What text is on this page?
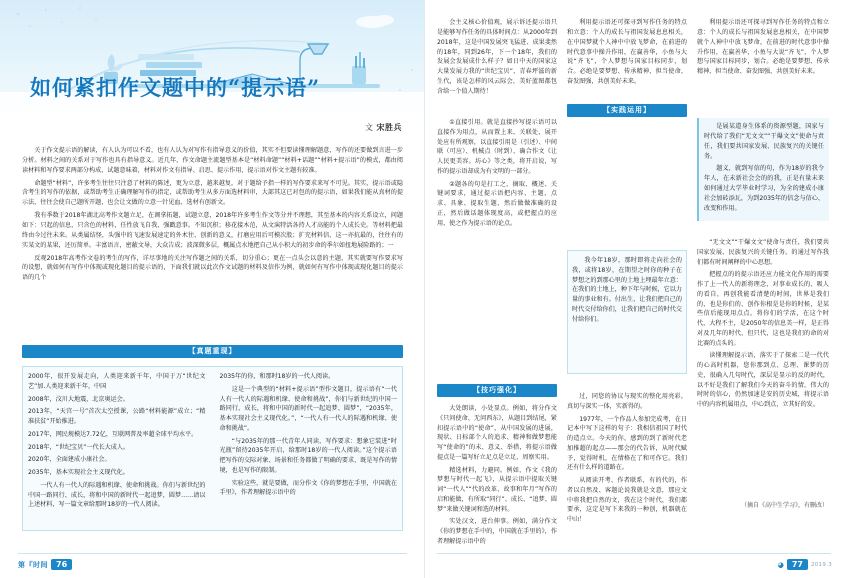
如何紧扣作文题中的“提示语”
文 宋胜兵

关于作文提示语的解读，有人认为可以不看，也有人认为对写作有指导意义的价值，其实不但要读懂理解题意，写作的还要做到言进一步分析。材料之间的关系对于写作也具有指导意义。近几年，作文命题主流题型基本是“材料命题”“材料+话题”“材料+提示语”的模式，都由阅读材料和写作要求两部分构成，试题意味着，材料对作文有指导、启思、提示作用，提示语对作文主题有较准。

命题型“材料”，许多考生往往只注意了材料的陈述，更为立意，越来越复，对于题给予指一样的写作要求来写不可见。其实，提示语或隐含考生的写作的依据，或帮助考生正确理解写作的指定，或帮助考生从多方面选材料审，大部其这已对包的的提示语，如果我们能从真材的提示法，往往会使自己题所开题，也会让文做的立意一针见血、选材有创新文。

我有季数于2018年湖北高考作文题立足，在调拿拓题，试题立意，2018年许多考生作文等分并不理想，其至基本的内容关系设立，问题如下：只起的信息，只含色的材料，任性放飞自我，强戳意事。不知沉积；移花接木范，从文演特活各持人才高能的个人成长史。等材料把最终由今过往未来。从类属结怪，头强中的飞速发展速定的外术往、创新的意义，打磨应用后可模次股；扩充材料信、这一亦抗最的，往往有的实某文的某果，还厉简单。丰富语言，密蔽文导，大众告成；波深微多层，概属点水地把自己从小积大的初步命的季尔如扭地展险路的；一

反观2018年高考作文卷的考生的写作，详尽事地的关注写作题之间的关系，切分重心；更在一点头会以意的主题，其实就要写作要求写的设想，就如何有写作中体现或现化题目的提示语的，下面我们就以此次作文试题的材料及信作为例，就如何有写作中体现或现化题目的提示语的几个

【真题重现】

2000年，很开发展走向，人类迎来新千年，中国于万“世纪文艺”加.人类迎来新千年，中国

2008年，汶川大地震，北京奥运会。

2013年，“天宫一号”首次太空授课，公路“材料能源”成立；“精准扶贫”开始推进。

2017年，网民规模达7.72亿，互联网普及率超全球平均水平。

2018年，“世纪宝贝”一代长大成人。

2020年，全面建成小康社会。

2035年，基本实现社会主义现代化。

一代人有一代人的际遇和机缘、使命和挑战。你们与新世纪的中国一路同行、成长，将和中国的新时代一起追梦，圆梦……请以上述材料，写一篇文章给那时18岁的一代人阅读。

2035年的你，和那时18岁的一代人阅读。

这是一个典型的“材料+提示语”型作文题目，提示语有“一代人有一代人的际遇和机缘、使命和挑战”，你们与新世纪的中国一路同行、成长，将和中国的新时代一起追梦、圆梦”，“2035年，基本实现社会主义现代化。”，“一代人有一代人的际遇和机缘、使命和挑战”。

“与2035年的那一代青年人同读，写作要求：想象它装进“时光瓶”留待2035年开启，给那时18岁的一代人阅读。”这个提示语把写作的交际对象、场景和任务都做了明确的要求，既是写作的情境，也是写作的限制。

实验这些，就是要做，而分作文《你的梦想在手里，中国就在手里》，作者理解提示语中的

第『时间	76

会主义核心价值观，展示诉还提示语只是能够写作任务的具体时间点：从2000年到2018年，这是中国发展突飞猛进、成果斐然的18年，同到26年，下一个18年，我们的发展会发展成什么样子？如日中天的国家这大量发展力我的“世纪宝贝”，青春坪滋的新生代，该是怎样的风云际会，美好蓝图都包含给一个值人期待！

利用提示语还可探寻到写作任务的特点和立意：个人的成长与祖国发展息息相关，在中国梦就个人神中中放飞梦命，在前进的时代意事中操升作用，在赢善华，小鱼与大说“齐飞”，个人梦想与国家目标同步，划合。必绝是要梦想、传承精神、担当使命、奋发图强，共创美好未来。

利用提示语还可探寻到写作任务的特点和立意：个人的成长与祖国发展息息相关，在中国梦就个人神中中放飞梦命，在前进的时代意事中操升作用，在赢善华，小鱼与大说“齐飞”，个人梦想与国家目标同步，划合。必绝是要梦想、传承精神、担当使命、奋发图强，共创美好未来。

【实践运用】

是展某道身生体系的资源型题，国家与时代给了我们“无文文”“干爆文文”使命与责任，我们要共国家发展、民族复兴的关键任务。

题义，就到写信的句，作为18岁的我令年人，在未新社会会的的我，正是有量未来如何通过大学毕业时学习，为全的建成小康社会加砖添瓦，为到2035年的信念与信心、改变和作用。

①直接引用。就是直接抄写提示语可以直接作为用点，从而置上来、关联处、展开处应有所观察，以直接引用是（引述）、中间联（可应）、机械点（时到）、确合作文《让人民更美容。坊心》等之类，将开启说，写作的提示语却成为有文明的一部分。

②题各的句是打工之，摘取、概述、关键词要求，通过提示语把内容、主题、点求、具象、提取生题、然后做做准确的设正，然后做话题体现度高，或把握点的应用、使之作为提示语的论点。

我今年18岁，那时即将走向社会的我，或将18岁，在期望之时你的种子在梦想之的到那心里的土地上埋最年立意：在我们的土地上，种下年与时候，它以力量的事业和有。付出生，让我们把自己的时代交付给你们，让我们把自己的时代交付给你们。

“无文文”“干爆文文”使命与责任，我们要共国家发展、民族复兴的关键任务。的通过写作我们都有时间阐释的中心思想。

把握点的的提示语还应力能文化作用的需要作了上一代人的新将理念，对事业成长的、吸人的看自，再创我能看清楚的时间，世界是我们的，也是你们的，创作你根是是你的时候，是某些信后能现用点点，将你们的学活，在这个时代，大程不主，是2050年的信息美一样，是正得对及几年的时代，但只代，这也是我们的命的对比赛的点头的。

读懂理解提示语，落实于了探索二是一代代的心高时机器，您你那到点、总理、课梦的历史，很确入几句时代，深层是显示的反的时代，以不好是我们了解我们今天的奋斗的情，伟大的时时的信心，仍然加速是安的历史城，将提示语中的内容机属用点，中心到点，立其好的发。

【技巧强化】

大处朗读，小处显点。例如，将分作文《只问使命、无问西东》，从题目到结尾，紧扣提示语中的“使命”，从中国发展的进展，现状、日标部个人的追求、精神和做梦想能写“使命的”的未、意义、举措，将提示语做提点是一篇写好立足点是立足、周察实用。

精选材料，力避同。例如，作文《我的梦想与时代一起飞》，从提示语中提取关键词“一代人”“代的改革、故事和年月”写作的启和能做，有所取“同行”、成长、“追梦、圆梦”来做关键词和选的材料。

实处汉文，进台伸事。例如，满分作文《你的梦想在手中的，中国就在手里的》，作者理解提示语中的

过，同您的协议与现实的整化用亮彩，真切与深实一体，实新得的。

1977年，一个作品人参加完成考，在日记本中写下这样的句子：我相信祖国了时代的造点立。今天的你，感到的到了新时代老加推超的起点——那会的代告诉，从时代赋予，觉得时机，在情格在了和可作它。我们还有什么样的道路在。

从阅读开考、作者联系，有的代的，作者以自然及、客题论说我就是文意，那应文中将我把自然的文，我在这个时代，我们都要承，这定是写下来我的一种创，机器就在中山！

（摘自《高中生学习》，有删改）
◕	77	2019.3
